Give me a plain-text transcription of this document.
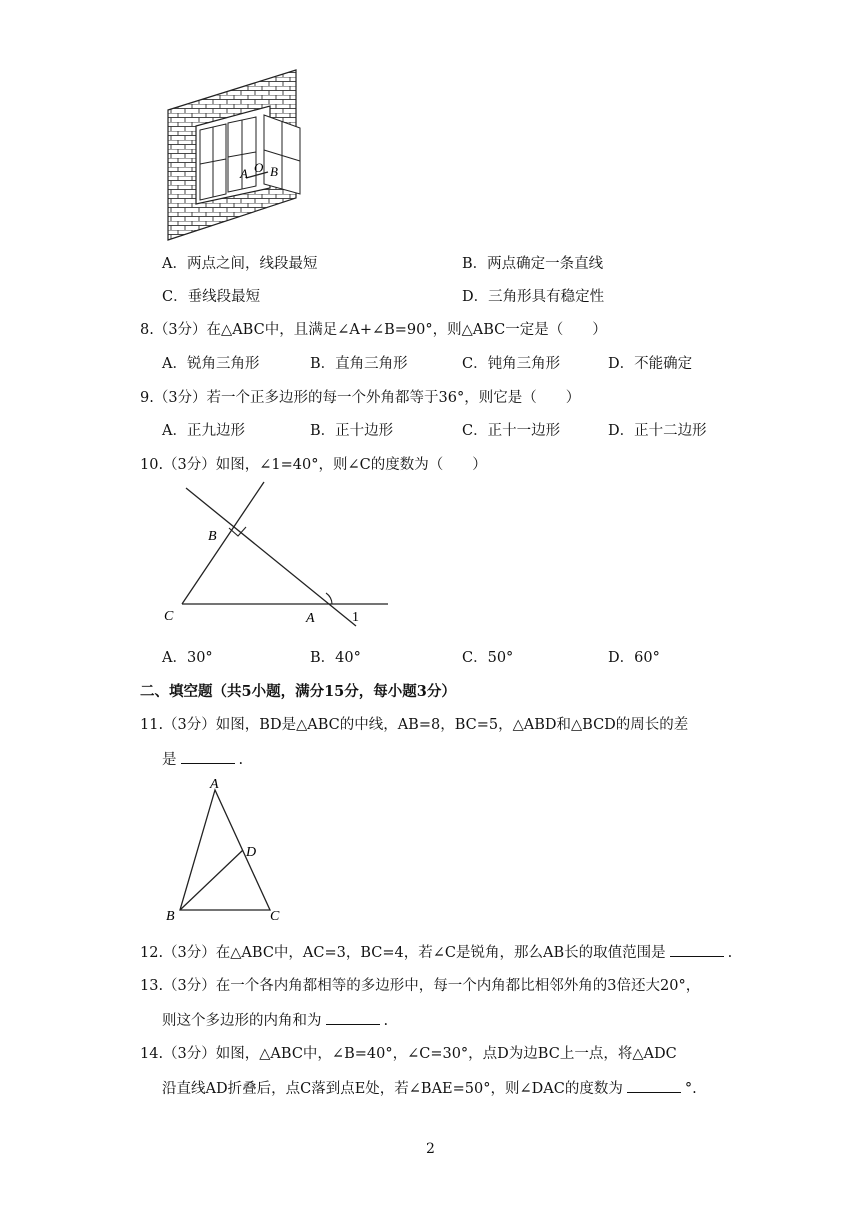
A O B
A．两点之间，线段最短	B．两点确定一条直线
C．垂线段最短	D．三角形具有稳定性
8.（3分）在△ABC中，且满足∠A+∠B=90°，则△ABC一定是（　　）
A．锐角三角形	B．直角三角形	C．钝角三角形	D．不能确定
9.（3分）若一个正多边形的每一个外角都等于36°，则它是（　　）
A．正九边形	B．正十边形	C．正十一边形	D．正十二边形
10.（3分）如图，∠1=40°，则∠C的度数为（　　）
B
C	A	1
A．30°	B．40°	C．50°	D．60°
二、填空题（共5小题，满分15分，每小题3分）
11.（3分）如图，BD是△ABC的中线，AB=8，BC=5，△ABD和△BCD的周长的差
是	.
A
D
B	C
12.（3分）在△ABC中，AC=3，BC=4，若∠C是锐角，那么AB长的取值范围是	.
13.（3分）在一个各内角都相等的多边形中，每一个内角都比相邻外角的3倍还大20°，
则这个多边形的内角和为	.
14.（3分）如图，△ABC中，∠B=40°，∠C=30°，点D为边BC上一点，将△ADC
沿直线AD折叠后，点C落到点E处，若∠BAE=50°，则∠DAC的度数为	°.
2
